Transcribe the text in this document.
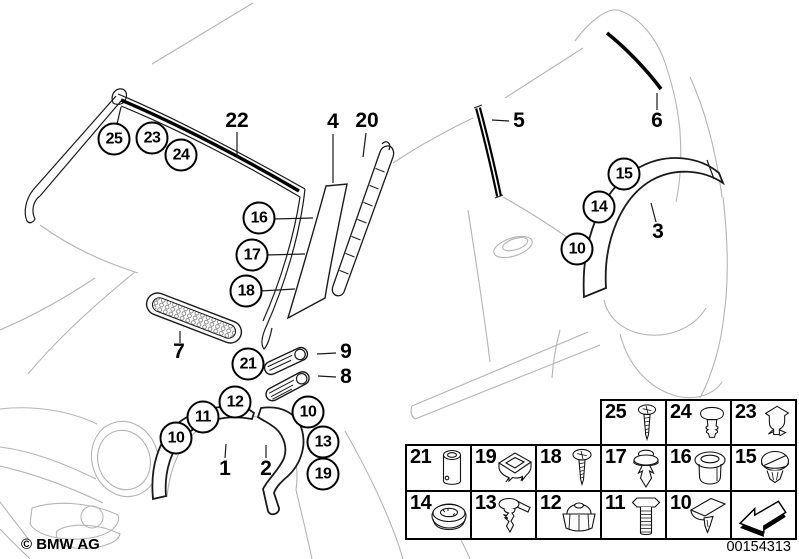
25 23
24
16
17
18
21
12
11
10
10
13
19
15
14
10
22	4 20	5	6
3
7	9
8
1 2
25 24 23
21 19 18 17 16 15
14 13 12 11 10
© BMW AG	00154313
